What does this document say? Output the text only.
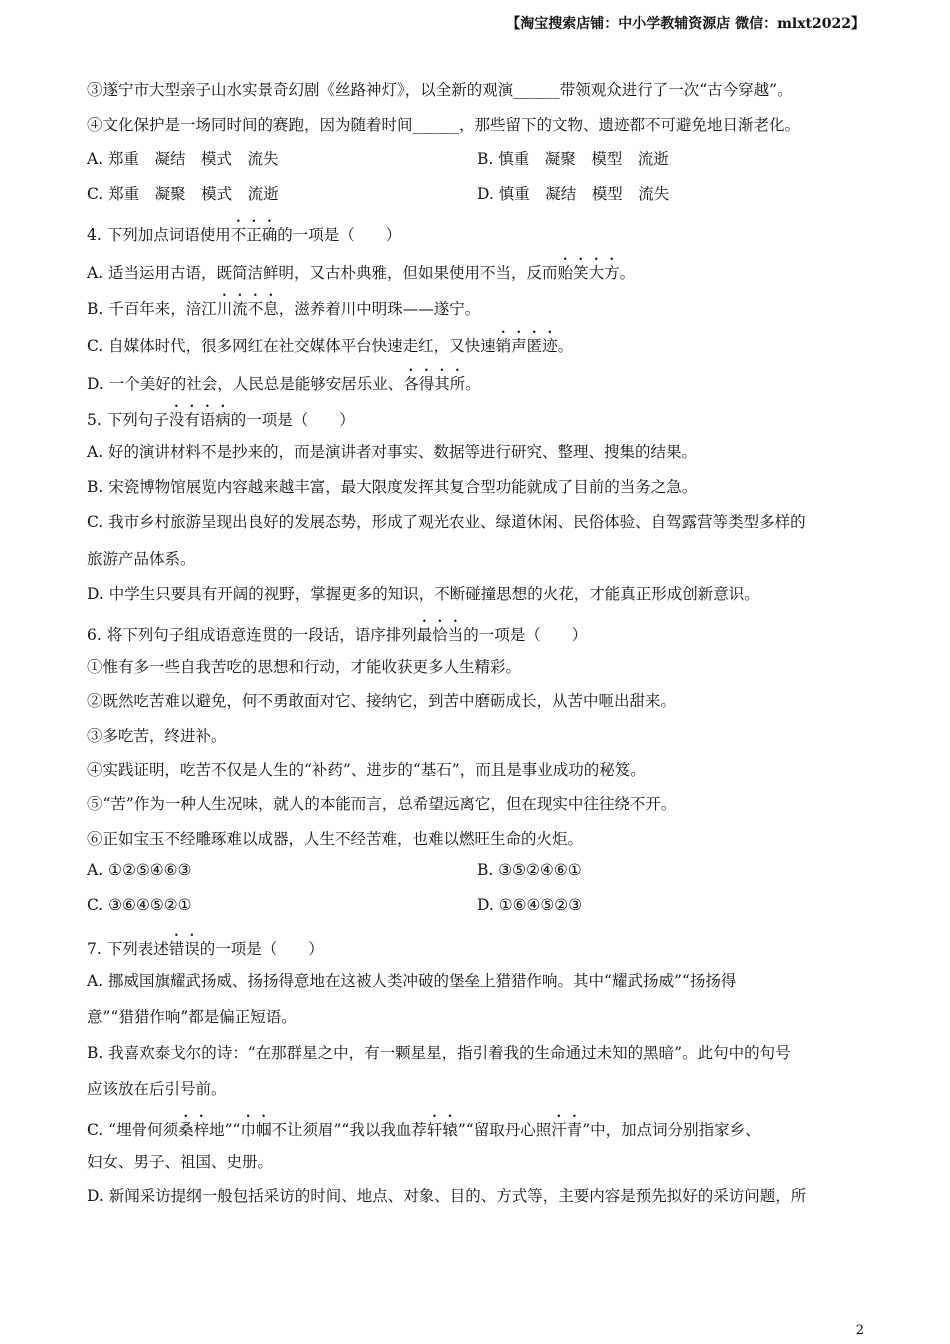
【淘宝搜索店铺：中小学教辅资源店 微信：mlxt2022】
③遂宁市大型亲子山水实景奇幻剧《丝路神灯》，以全新的观演______带领观众进行了一次“古今穿越”。
④文化保护是一场同时间的赛跑，因为随着时间______，那些留下的文物、遗迹都不可避免地日渐老化。
A. 郑重　凝结　模式　流失	B. 慎重　凝聚　模型　流逝
C. 郑重　凝聚　模式　流逝	D. 慎重　凝结　模型　流失
4. 下列加点词语使用不正确的一项是（　　）
A. 适当运用古语，既简洁鲜明，又古朴典雅，但如果使用不当，反而贻笑大方。
B. 千百年来，涪江川流不息，滋养着川中明珠——遂宁。
C. 自媒体时代，很多网红在社交媒体平台快速走红，又快速销声匿迹。
D. 一个美好的社会，人民总是能够安居乐业、各得其所。
5. 下列句子没有语病的一项是（　　）
A. 好的演讲材料不是抄来的，而是演讲者对事实、数据等进行研究、整理、搜集的结果。
B. 宋瓷博物馆展览内容越来越丰富，最大限度发挥其复合型功能就成了目前的当务之急。
C. 我市乡村旅游呈现出良好的发展态势，形成了观光农业、绿道休闲、民俗体验、自驾露营等类型多样的
旅游产品体系。
D. 中学生只要具有开阔的视野，掌握更多的知识，不断碰撞思想的火花，才能真正形成创新意识。
6. 将下列句子组成语意连贯的一段话，语序排列最恰当的一项是（　　）
①惟有多一些自我苦吃的思想和行动，才能收获更多人生精彩。
②既然吃苦难以避免，何不勇敢面对它、接纳它，到苦中磨砺成长，从苦中咂出甜来。
③多吃苦，终进补。
④实践证明，吃苦不仅是人生的“补药”、进步的“基石”，而且是事业成功的秘笈。
⑤“苦”作为一种人生况味，就人的本能而言，总希望远离它，但在现实中往往绕不开。
⑥正如宝玉不经雕琢难以成器，人生不经苦难，也难以燃旺生命的火炬。
A. ①②⑤④⑥③	B. ③⑤②④⑥①
C. ③⑥④⑤②①	D. ①⑥④⑤②③
7. 下列表述错误的一项是（　　）
A. 挪威国旗耀武扬威、扬扬得意地在这被人类冲破的堡垒上猎猎作响。其中“耀武扬威”“扬扬得
意”“猎猎作响”都是偏正短语。
B. 我喜欢泰戈尔的诗：“在那群星之中，有一颗星星，指引着我的生命通过未知的黑暗”。此句中的句号
应该放在后引号前。
C. “埋骨何须桑梓地”“巾帼不让须眉”“我以我血荐轩辕”“留取丹心照汗青”中，加点词分别指家乡、
妇女、男子、祖国、史册。
D. 新闻采访提纲一般包括采访的时间、地点、对象、目的、方式等，主要内容是预先拟好的采访问题，所
2
